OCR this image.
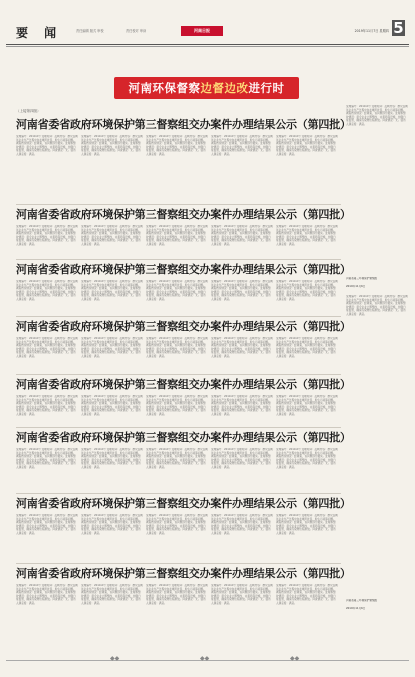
要 闻	责任编辑 版式 审校	责任校对 审读	河南日报	2019年11月7日 星期四 5
河南环保督察边督边改进行时
（上接第四版）
河南省委省政府环境保护第三督察组交办案件办理结果公示（第四批）
受理编号：2019-0号 受理时间：反映内容：群众反映该企业生产过程中存在噪声扰民、粉尘污染等问题。调查核实情况：经调查，该问题部分属实。处理和整改情况：责令企业立即整改，完善环保设施，加强日常监管，确保污染物达标排放。问责情况：无。信访人满意度：满意。
受理编号：2019-0号 受理时间：反映内容：群众反映该企业生产过程中存在噪声扰民、粉尘污染等问题。调查核实情况：经调查，该问题部分属实。处理和整改情况：责令企业立即整改，完善环保设施，加强日常监管，确保污染物达标排放。问责情况：无。信访人满意度：满意。
受理编号：2019-0号 受理时间：反映内容：群众反映该企业生产过程中存在噪声扰民、粉尘污染等问题。调查核实情况：经调查，该问题部分属实。处理和整改情况：责令企业立即整改，完善环保设施，加强日常监管，确保污染物达标排放。问责情况：无。信访人满意度：满意。
受理编号：2019-0号 受理时间：反映内容：群众反映该企业生产过程中存在噪声扰民、粉尘污染等问题。调查核实情况：经调查，该问题部分属实。处理和整改情况：责令企业立即整改，完善环保设施，加强日常监管，确保污染物达标排放。问责情况：无。信访人满意度：满意。
受理编号：2019-0号 受理时间：反映内容：群众反映该企业生产过程中存在噪声扰民、粉尘污染等问题。调查核实情况：经调查，该问题部分属实。处理和整改情况：责令企业立即整改，完善环保设施，加强日常监管，确保污染物达标排放。问责情况：无。信访人满意度：满意。
河南省委省政府环境保护第三督察组交办案件办理结果公示（第四批）
受理编号：2019-0号 受理时间：反映内容：群众反映该企业生产过程中存在噪声扰民、粉尘污染等问题。调查核实情况：经调查，该问题部分属实。处理和整改情况：责令企业立即整改，完善环保设施，加强日常监管，确保污染物达标排放。问责情况：无。信访人满意度：满意。
受理编号：2019-0号 受理时间：反映内容：群众反映该企业生产过程中存在噪声扰民、粉尘污染等问题。调查核实情况：经调查，该问题部分属实。处理和整改情况：责令企业立即整改，完善环保设施，加强日常监管，确保污染物达标排放。问责情况：无。信访人满意度：满意。
受理编号：2019-0号 受理时间：反映内容：群众反映该企业生产过程中存在噪声扰民、粉尘污染等问题。调查核实情况：经调查，该问题部分属实。处理和整改情况：责令企业立即整改，完善环保设施，加强日常监管，确保污染物达标排放。问责情况：无。信访人满意度：满意。
受理编号：2019-0号 受理时间：反映内容：群众反映该企业生产过程中存在噪声扰民、粉尘污染等问题。调查核实情况：经调查，该问题部分属实。处理和整改情况：责令企业立即整改，完善环保设施，加强日常监管，确保污染物达标排放。问责情况：无。信访人满意度：满意。
受理编号：2019-0号 受理时间：反映内容：群众反映该企业生产过程中存在噪声扰民、粉尘污染等问题。调查核实情况：经调查，该问题部分属实。处理和整改情况：责令企业立即整改，完善环保设施，加强日常监管，确保污染物达标排放。问责情况：无。信访人满意度：满意。
河南省委省政府环境保护第三督察组交办案件办理结果公示（第四批）
受理编号：2019-0号 受理时间：反映内容：群众反映该企业生产过程中存在噪声扰民、粉尘污染等问题。调查核实情况：经调查，该问题部分属实。处理和整改情况：责令企业立即整改，完善环保设施，加强日常监管，确保污染物达标排放。问责情况：无。信访人满意度：满意。
受理编号：2019-0号 受理时间：反映内容：群众反映该企业生产过程中存在噪声扰民、粉尘污染等问题。调查核实情况：经调查，该问题部分属实。处理和整改情况：责令企业立即整改，完善环保设施，加强日常监管，确保污染物达标排放。问责情况：无。信访人满意度：满意。
受理编号：2019-0号 受理时间：反映内容：群众反映该企业生产过程中存在噪声扰民、粉尘污染等问题。调查核实情况：经调查，该问题部分属实。处理和整改情况：责令企业立即整改，完善环保设施，加强日常监管，确保污染物达标排放。问责情况：无。信访人满意度：满意。
受理编号：2019-0号 受理时间：反映内容：群众反映该企业生产过程中存在噪声扰民、粉尘污染等问题。调查核实情况：经调查，该问题部分属实。处理和整改情况：责令企业立即整改，完善环保设施，加强日常监管，确保污染物达标排放。问责情况：无。信访人满意度：满意。
受理编号：2019-0号 受理时间：反映内容：群众反映该企业生产过程中存在噪声扰民、粉尘污染等问题。调查核实情况：经调查，该问题部分属实。处理和整改情况：责令企业立即整改，完善环保设施，加强日常监管，确保污染物达标排放。问责情况：无。信访人满意度：满意。
河南省委省政府环境保护第三督察组交办案件办理结果公示（第四批）
受理编号：2019-0号 受理时间：反映内容：群众反映该企业生产过程中存在噪声扰民、粉尘污染等问题。调查核实情况：经调查，该问题部分属实。处理和整改情况：责令企业立即整改，完善环保设施，加强日常监管，确保污染物达标排放。问责情况：无。信访人满意度：满意。
受理编号：2019-0号 受理时间：反映内容：群众反映该企业生产过程中存在噪声扰民、粉尘污染等问题。调查核实情况：经调查，该问题部分属实。处理和整改情况：责令企业立即整改，完善环保设施，加强日常监管，确保污染物达标排放。问责情况：无。信访人满意度：满意。
受理编号：2019-0号 受理时间：反映内容：群众反映该企业生产过程中存在噪声扰民、粉尘污染等问题。调查核实情况：经调查，该问题部分属实。处理和整改情况：责令企业立即整改，完善环保设施，加强日常监管，确保污染物达标排放。问责情况：无。信访人满意度：满意。
受理编号：2019-0号 受理时间：反映内容：群众反映该企业生产过程中存在噪声扰民、粉尘污染等问题。调查核实情况：经调查，该问题部分属实。处理和整改情况：责令企业立即整改，完善环保设施，加强日常监管，确保污染物达标排放。问责情况：无。信访人满意度：满意。
受理编号：2019-0号 受理时间：反映内容：群众反映该企业生产过程中存在噪声扰民、粉尘污染等问题。调查核实情况：经调查，该问题部分属实。处理和整改情况：责令企业立即整改，完善环保设施，加强日常监管，确保污染物达标排放。问责情况：无。信访人满意度：满意。
河南省委省政府环境保护第三督察组交办案件办理结果公示（第四批）
受理编号：2019-0号 受理时间：反映内容：群众反映该企业生产过程中存在噪声扰民、粉尘污染等问题。调查核实情况：经调查，该问题部分属实。处理和整改情况：责令企业立即整改，完善环保设施，加强日常监管，确保污染物达标排放。问责情况：无。信访人满意度：满意。
受理编号：2019-0号 受理时间：反映内容：群众反映该企业生产过程中存在噪声扰民、粉尘污染等问题。调查核实情况：经调查，该问题部分属实。处理和整改情况：责令企业立即整改，完善环保设施，加强日常监管，确保污染物达标排放。问责情况：无。信访人满意度：满意。
受理编号：2019-0号 受理时间：反映内容：群众反映该企业生产过程中存在噪声扰民、粉尘污染等问题。调查核实情况：经调查，该问题部分属实。处理和整改情况：责令企业立即整改，完善环保设施，加强日常监管，确保污染物达标排放。问责情况：无。信访人满意度：满意。
受理编号：2019-0号 受理时间：反映内容：群众反映该企业生产过程中存在噪声扰民、粉尘污染等问题。调查核实情况：经调查，该问题部分属实。处理和整改情况：责令企业立即整改，完善环保设施，加强日常监管，确保污染物达标排放。问责情况：无。信访人满意度：满意。
受理编号：2019-0号 受理时间：反映内容：群众反映该企业生产过程中存在噪声扰民、粉尘污染等问题。调查核实情况：经调查，该问题部分属实。处理和整改情况：责令企业立即整改，完善环保设施，加强日常监管，确保污染物达标排放。问责情况：无。信访人满意度：满意。
河南省委省政府环境保护第三督察组交办案件办理结果公示（第四批）
受理编号：2019-0号 受理时间：反映内容：群众反映该企业生产过程中存在噪声扰民、粉尘污染等问题。调查核实情况：经调查，该问题部分属实。处理和整改情况：责令企业立即整改，完善环保设施，加强日常监管，确保污染物达标排放。问责情况：无。信访人满意度：满意。
受理编号：2019-0号 受理时间：反映内容：群众反映该企业生产过程中存在噪声扰民、粉尘污染等问题。调查核实情况：经调查，该问题部分属实。处理和整改情况：责令企业立即整改，完善环保设施，加强日常监管，确保污染物达标排放。问责情况：无。信访人满意度：满意。
受理编号：2019-0号 受理时间：反映内容：群众反映该企业生产过程中存在噪声扰民、粉尘污染等问题。调查核实情况：经调查，该问题部分属实。处理和整改情况：责令企业立即整改，完善环保设施，加强日常监管，确保污染物达标排放。问责情况：无。信访人满意度：满意。
受理编号：2019-0号 受理时间：反映内容：群众反映该企业生产过程中存在噪声扰民、粉尘污染等问题。调查核实情况：经调查，该问题部分属实。处理和整改情况：责令企业立即整改，完善环保设施，加强日常监管，确保污染物达标排放。问责情况：无。信访人满意度：满意。
受理编号：2019-0号 受理时间：反映内容：群众反映该企业生产过程中存在噪声扰民、粉尘污染等问题。调查核实情况：经调查，该问题部分属实。处理和整改情况：责令企业立即整改，完善环保设施，加强日常监管，确保污染物达标排放。问责情况：无。信访人满意度：满意。
河南省委省政府环境保护第三督察组交办案件办理结果公示（第四批）
受理编号：2019-0号 受理时间：反映内容：群众反映该企业生产过程中存在噪声扰民、粉尘污染等问题。调查核实情况：经调查，该问题部分属实。处理和整改情况：责令企业立即整改，完善环保设施，加强日常监管，确保污染物达标排放。问责情况：无。信访人满意度：满意。
受理编号：2019-0号 受理时间：反映内容：群众反映该企业生产过程中存在噪声扰民、粉尘污染等问题。调查核实情况：经调查，该问题部分属实。处理和整改情况：责令企业立即整改，完善环保设施，加强日常监管，确保污染物达标排放。问责情况：无。信访人满意度：满意。
受理编号：2019-0号 受理时间：反映内容：群众反映该企业生产过程中存在噪声扰民、粉尘污染等问题。调查核实情况：经调查，该问题部分属实。处理和整改情况：责令企业立即整改，完善环保设施，加强日常监管，确保污染物达标排放。问责情况：无。信访人满意度：满意。
受理编号：2019-0号 受理时间：反映内容：群众反映该企业生产过程中存在噪声扰民、粉尘污染等问题。调查核实情况：经调查，该问题部分属实。处理和整改情况：责令企业立即整改，完善环保设施，加强日常监管，确保污染物达标排放。问责情况：无。信访人满意度：满意。
受理编号：2019-0号 受理时间：反映内容：群众反映该企业生产过程中存在噪声扰民、粉尘污染等问题。调查核实情况：经调查，该问题部分属实。处理和整改情况：责令企业立即整改，完善环保设施，加强日常监管，确保污染物达标排放。问责情况：无。信访人满意度：满意。
河南省委省政府环境保护第三督察组交办案件办理结果公示（第四批）
受理编号：2019-0号 受理时间：反映内容：群众反映该企业生产过程中存在噪声扰民、粉尘污染等问题。调查核实情况：经调查，该问题部分属实。处理和整改情况：责令企业立即整改，完善环保设施，加强日常监管，确保污染物达标排放。问责情况：无。信访人满意度：满意。
受理编号：2019-0号 受理时间：反映内容：群众反映该企业生产过程中存在噪声扰民、粉尘污染等问题。调查核实情况：经调查，该问题部分属实。处理和整改情况：责令企业立即整改，完善环保设施，加强日常监管，确保污染物达标排放。问责情况：无。信访人满意度：满意。
受理编号：2019-0号 受理时间：反映内容：群众反映该企业生产过程中存在噪声扰民、粉尘污染等问题。调查核实情况：经调查，该问题部分属实。处理和整改情况：责令企业立即整改，完善环保设施，加强日常监管，确保污染物达标排放。问责情况：无。信访人满意度：满意。
受理编号：2019-0号 受理时间：反映内容：群众反映该企业生产过程中存在噪声扰民、粉尘污染等问题。调查核实情况：经调查，该问题部分属实。处理和整改情况：责令企业立即整改，完善环保设施，加强日常监管，确保污染物达标排放。问责情况：无。信访人满意度：满意。
受理编号：2019-0号 受理时间：反映内容：群众反映该企业生产过程中存在噪声扰民、粉尘污染等问题。调查核实情况：经调查，该问题部分属实。处理和整改情况：责令企业立即整改，完善环保设施，加强日常监管，确保污染物达标排放。问责情况：无。信访人满意度：满意。
受理编号：2019-0号 受理时间：反映内容：群众反映该企业生产过程中存在噪声扰民、粉尘污染等问题。调查核实情况：经调查，该问题部分属实。处理和整改情况：责令企业立即整改，完善环保设施，加强日常监管，确保污染物达标排放。问责情况：无。信访人满意度：满意。
河南省第三环境保护督察组
2019年11月6日
受理编号：2019-0号 受理时间：反映内容：群众反映该企业生产过程中存在噪声扰民、粉尘污染等问题。调查核实情况：经调查，该问题部分属实。处理和整改情况：责令企业立即整改，完善环保设施，加强日常监管，确保污染物达标排放。问责情况：无。信访人满意度：满意。
河南省第三环境保护督察组
2019年11月6日
◆◆	◆◆	◆◆
